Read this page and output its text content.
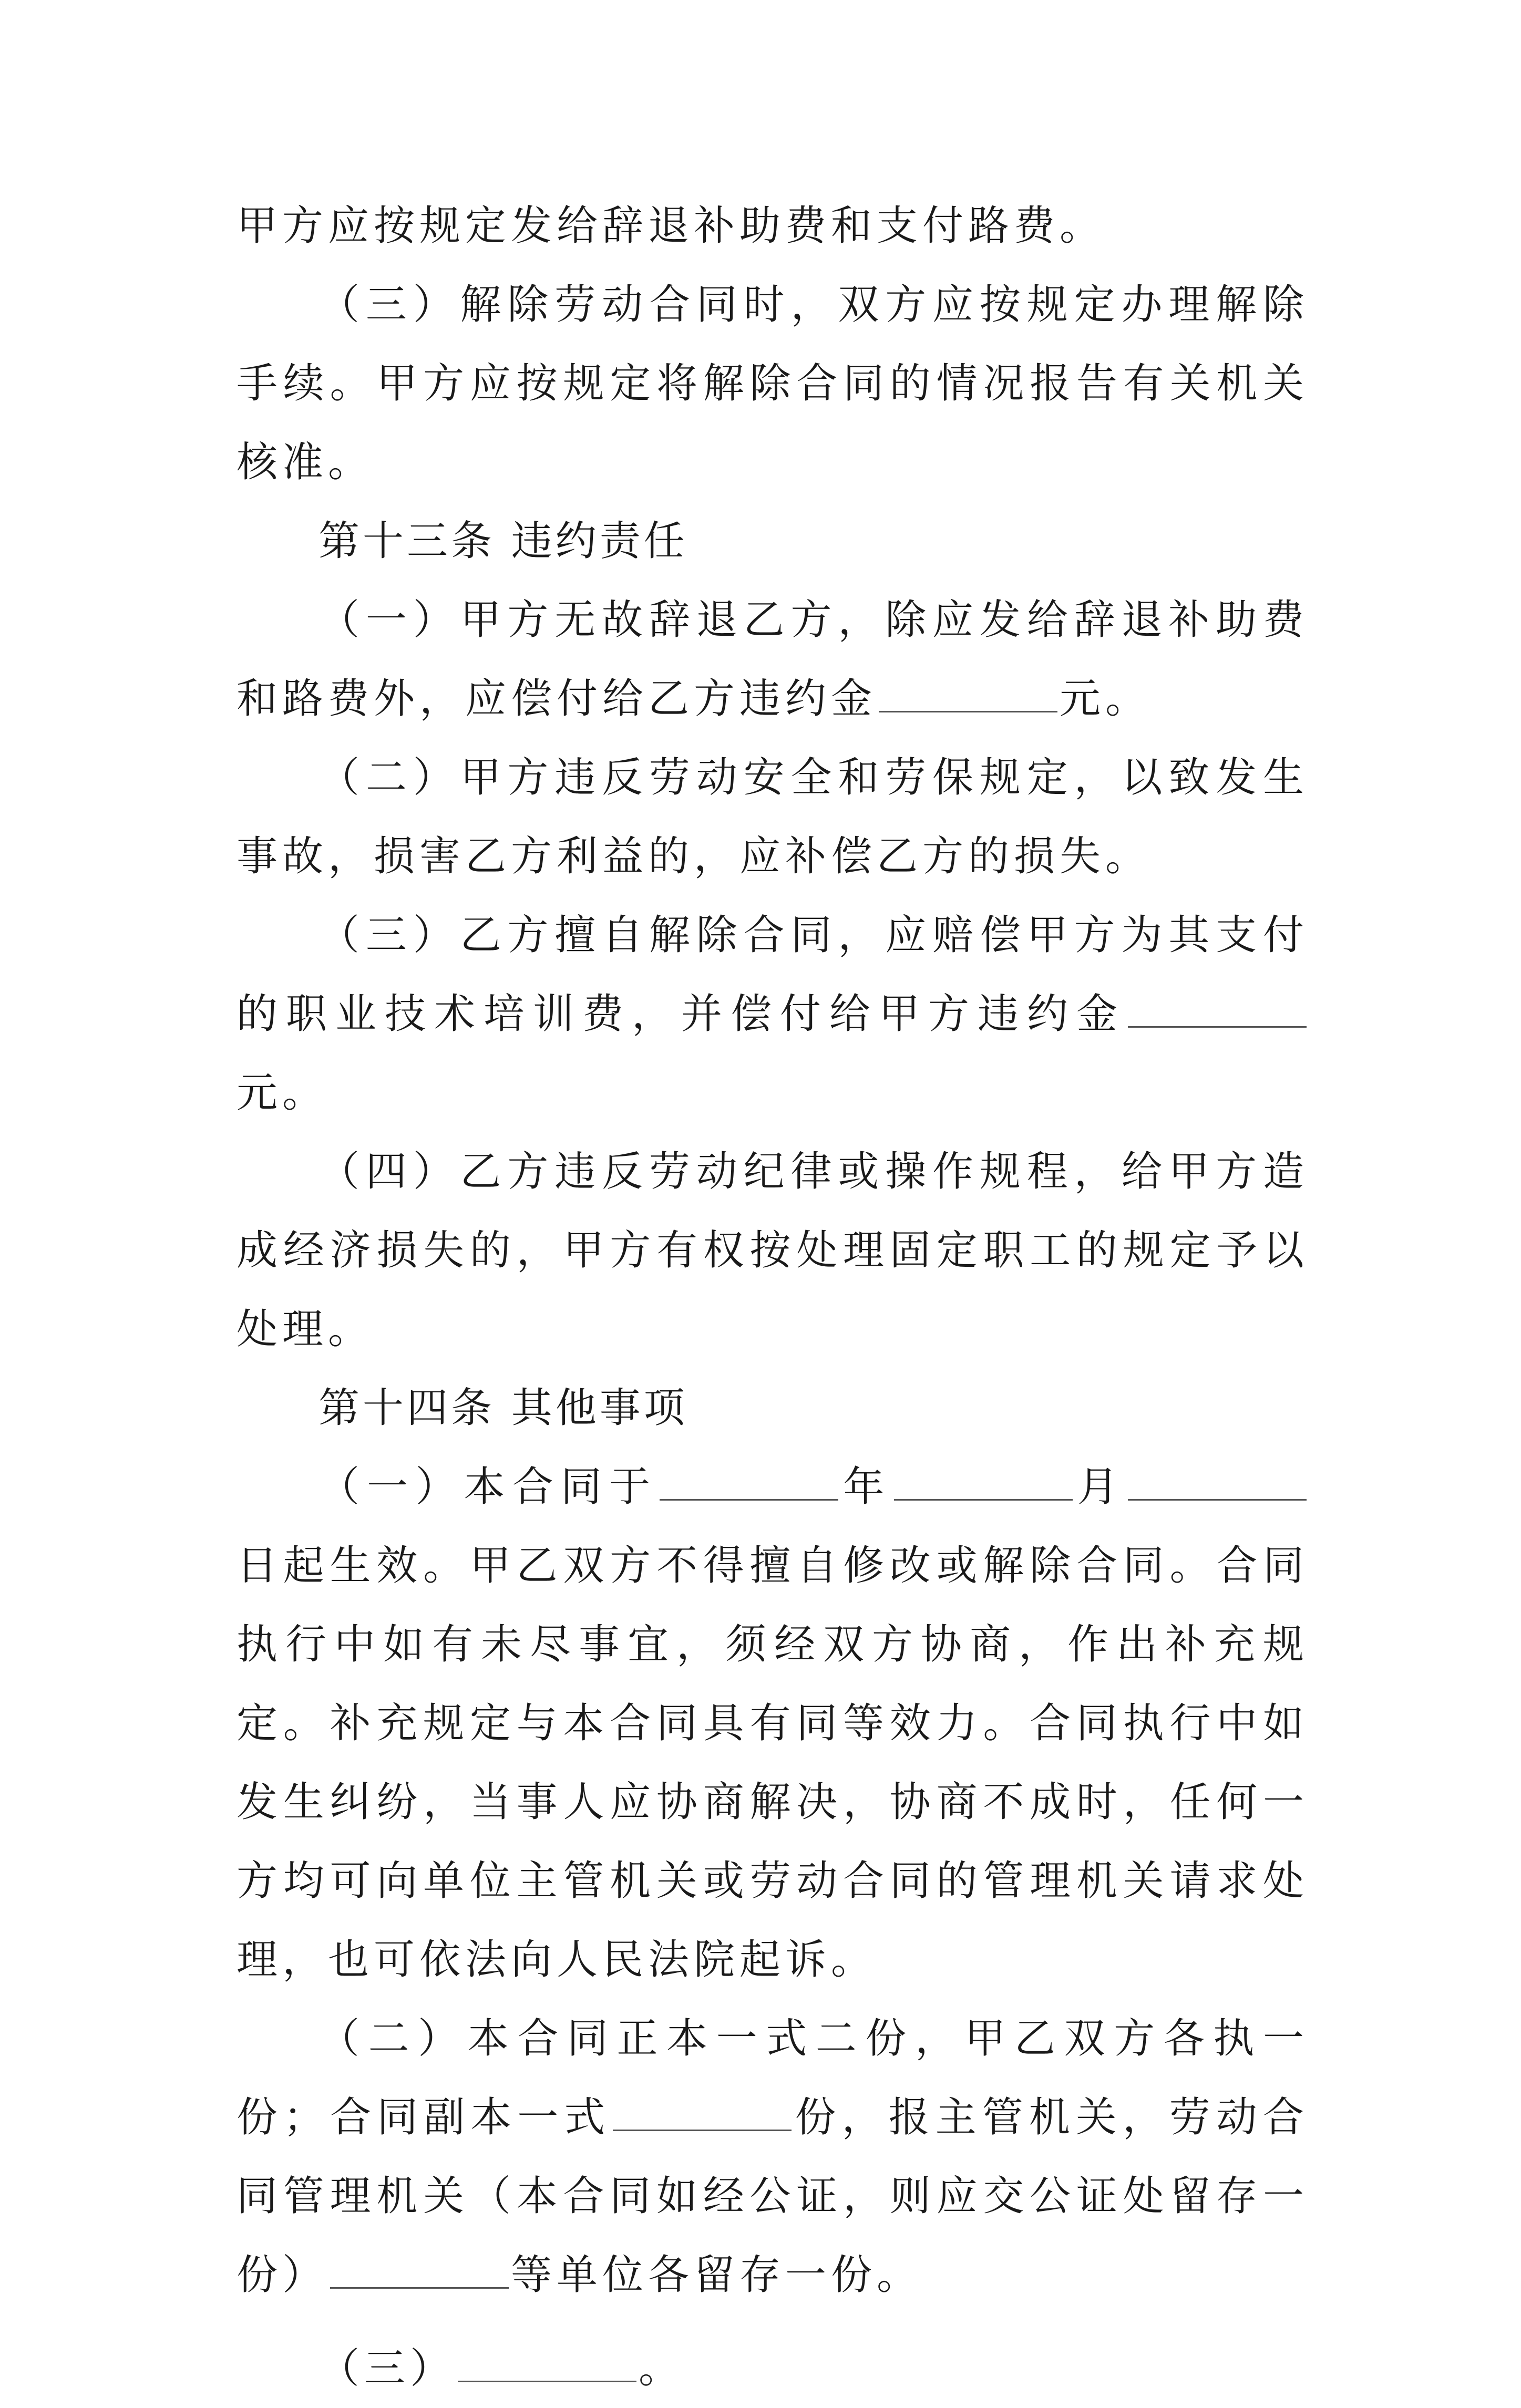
甲方应按规定发给辞退补助费和支付路费。

（三）解除劳动合同时，双方应按规定办理解除手续。甲方应按规定将解除合同的情况报告有关机关核准。

第十三条 违约责任

（一）甲方无故辞退乙方，除应发给辞退补助费和路费外，应偿付给乙方违约金	元。

（二）甲方违反劳动安全和劳保规定，以致发生事故，损害乙方利益的，应补偿乙方的损失。

（三）乙方擅自解除合同，应赔偿甲方为其支付的职业技术培训费，并偿付给甲方违约金元。

（四）乙方违反劳动纪律或操作规程，给甲方造成经济损失的，甲方有权按处理固定职工的规定予以处理。

第十四条 其他事项

（一）本合同于	年	月日起生效。甲乙双方不得擅自修改或解除合同。合同执行中如有未尽事宜，须经双方协商，作出补充规定。补充规定与本合同具有同等效力。合同执行中如发生纠纷，当事人应协商解决，协商不成时，任何一方均可向单位主管机关或劳动合同的管理机关请求处理，也可依法向人民法院起诉。

（二）本合同正本一式二份，甲乙双方各执一份；合同副本一式	份，报主管机关，劳动合同管理机关（本合同如经公证，则应交公证处留存一份）	等单位各留存一份。

（三）	。
